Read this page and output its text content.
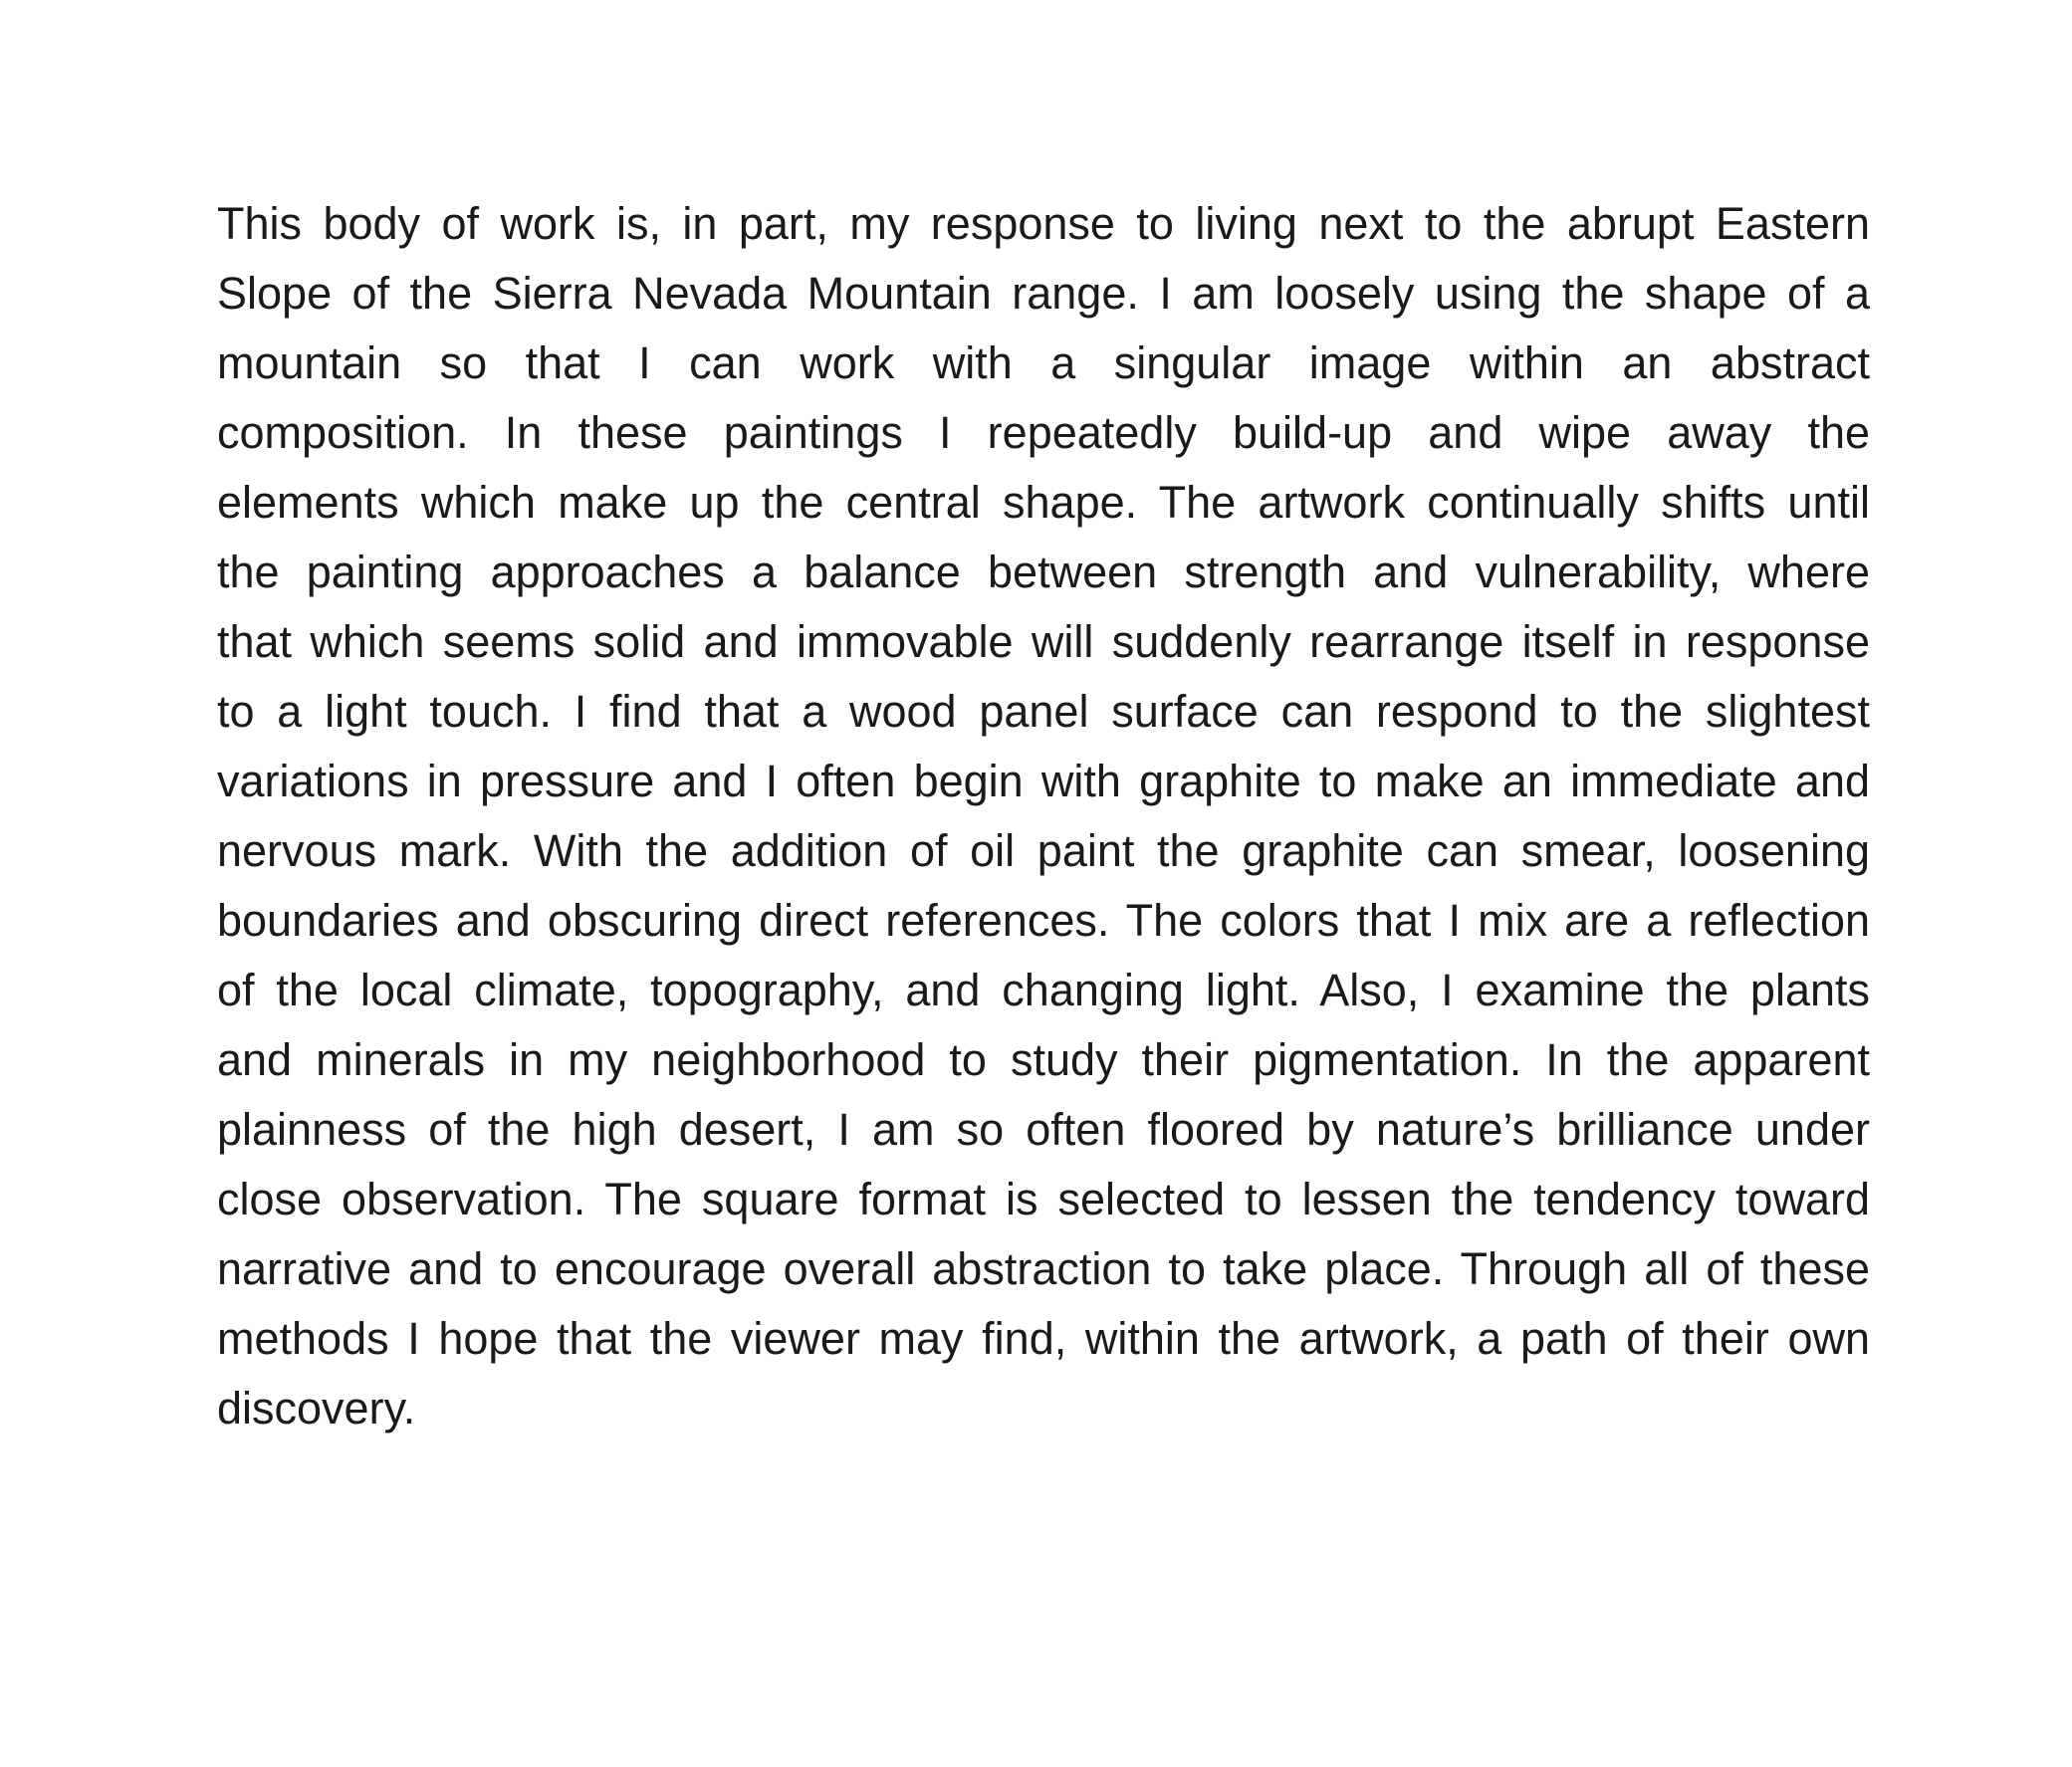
This body of work is, in part, my response to living next to the abrupt Eastern
Slope of the Sierra Nevada Mountain range. I am loosely using the shape of a
mountain so that I can work with a singular image within an abstract
composition. In these paintings I repeatedly build-up and wipe away the
elements which make up the central shape. The artwork continually shifts until
the painting approaches a balance between strength and vulnerability, where
that which seems solid and immovable will suddenly rearrange itself in response
to a light touch. I find that a wood panel surface can respond to the slightest
variations in pressure and I often begin with graphite to make an immediate and
nervous mark. With the addition of oil paint the graphite can smear, loosening
boundaries and obscuring direct references. The colors that I mix are a reflection
of the local climate, topography, and changing light. Also, I examine the plants
and minerals in my neighborhood to study their pigmentation. In the apparent
plainness of the high desert, I am so often floored by nature’s brilliance under
close observation. The square format is selected to lessen the tendency toward
narrative and to encourage overall abstraction to take place. Through all of these
methods I hope that the viewer may find, within the artwork, a path of their own
discovery.
